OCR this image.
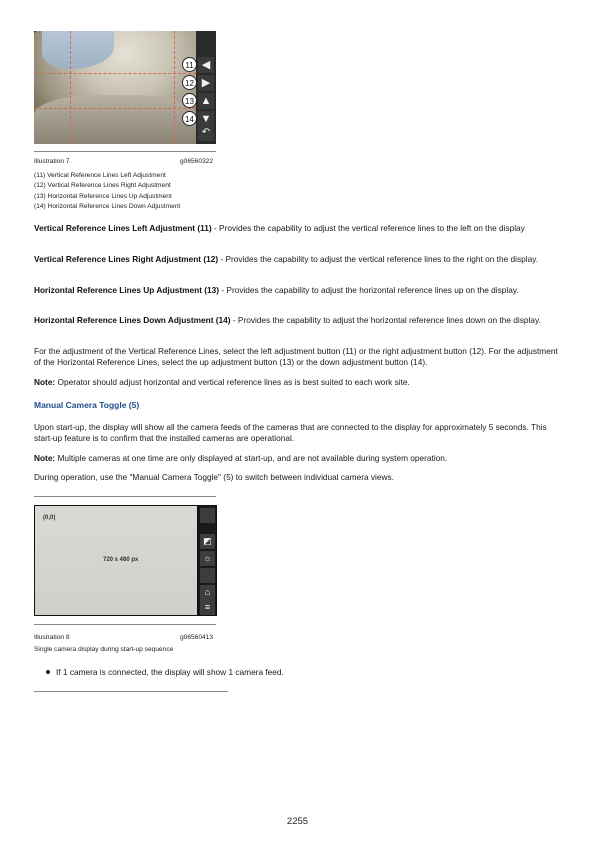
◀
▶
▲
▼
↶
11
12
13
14
Illustration 7	g06560322
(11) Vertical Reference Lines Left Adjustment
(12) Vertical Reference Lines Right Adjustment
(13) Horizontal Reference Lines Up Adjustment
(14) Horizontal Reference Lines Down Adjustment
Vertical Reference Lines Left Adjustment (11) - Provides the capability to adjust the vertical reference lines to the left on the display
Vertical Reference Lines Right Adjustment (12) - Provides the capability to adjust the vertical reference lines to the right on the display.
Horizontal Reference Lines Up Adjustment (13) - Provides the capability to adjust the horizontal reference lines up on the display.
Horizontal Reference Lines Down Adjustment (14) - Provides the capability to adjust the horizontal reference lines down on the display.
For the adjustment of the Vertical Reference Lines, select the left adjustment button (11) or the right adjustment button (12). For the adjustment of the Horizontal Reference Lines, select the up adjustment button (13) or the down adjustment button (14).
Note: Operator should adjust horizontal and vertical reference lines as is best suited to each work site.
Manual Camera Toggle (5)
Upon start-up, the display will show all the camera feeds of the cameras that are connected to the display for approximately 5 seconds. This start-up feature is to confirm that the installed cameras are operational.
Note: Multiple cameras at one time are only displayed at start-up, and are not available during system operation.
During operation, use the "Manual Camera Toggle" (5) to switch between individual camera views.
(0,0)
720 x 480 px
◩
☼
⌂
≡
Illustration 8	g06560413
Single camera display during start-up sequence
If 1 camera is connected, the display will show 1 camera feed.
2255
